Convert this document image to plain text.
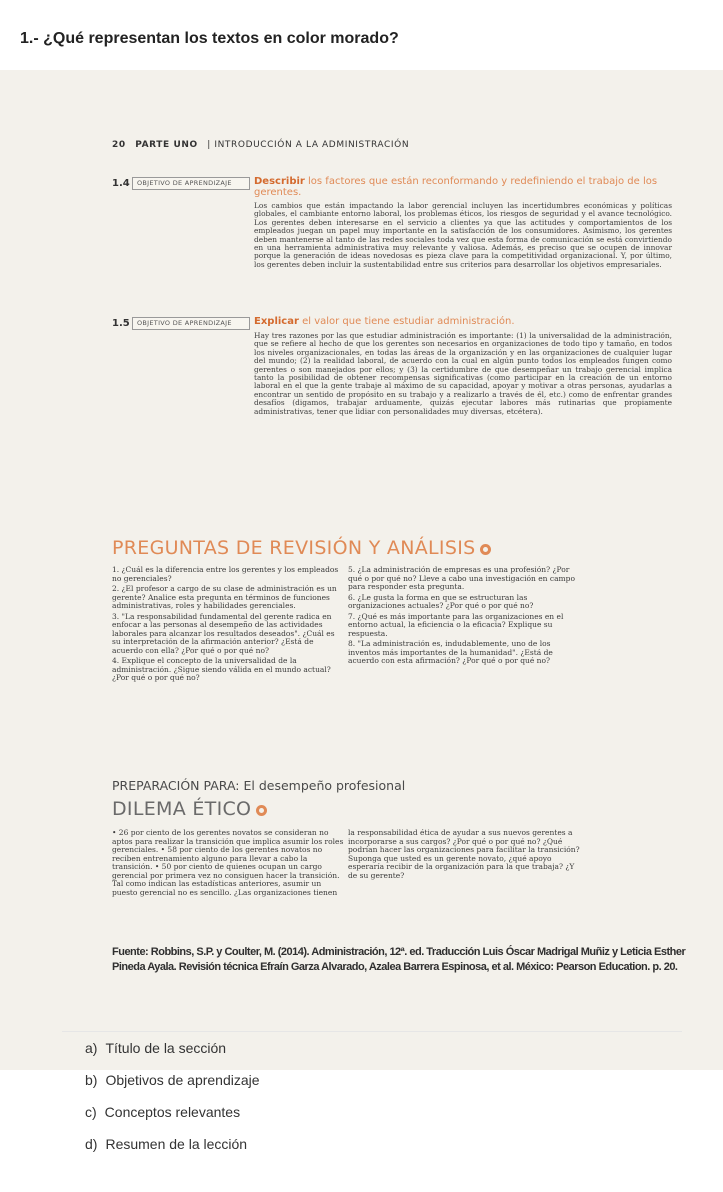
1.- ¿Qué representan los textos en color morado?
20 PARTE UNO | INTRODUCCIÓN A LA ADMINISTRACIÓN
1.4	OBJETIVO DE APRENDIZAJE	Describir los factores que están reconformando y redefiniendo el trabajo de los gerentes.
Los cambios que están impactando la labor gerencial incluyen las incertidumbres económicas y políticas globales, el cambiante entorno laboral, los problemas éticos, los riesgos de seguridad y el avance tecnológico. Los gerentes deben interesarse en el servicio a clientes ya que las actitudes y comportamientos de los empleados juegan un papel muy importante en la satisfacción de los consumidores. Asimismo, los gerentes deben mantenerse al tanto de las redes sociales toda vez que esta forma de comunicación se está convirtiendo en una herramienta administrativa muy relevante y valiosa. Además, es preciso que se ocupen de innovar porque la generación de ideas novedosas es pieza clave para la competitividad organizacional. Y, por último, los gerentes deben incluir la sustentabilidad entre sus criterios para desarrollar los objetivos empresariales.
1.5	OBJETIVO DE APRENDIZAJE	Explicar el valor que tiene estudiar administración.
Hay tres razones por las que estudiar administración es importante: (1) la universalidad de la administración, que se refiere al hecho de que los gerentes son necesarios en organizaciones de todo tipo y tamaño, en todos los niveles organizacionales, en todas las áreas de la organización y en las organizaciones de cualquier lugar del mundo; (2) la realidad laboral, de acuerdo con la cual en algún punto todos los empleados fungen como gerentes o son manejados por ellos; y (3) la certidumbre de que desempeñar un trabajo gerencial implica tanto la posibilidad de obtener recompensas significativas (como participar en la creación de un entorno laboral en el que la gente trabaje al máximo de su capacidad, apoyar y motivar a otras personas, ayudarlas a encontrar un sentido de propósito en su trabajo y a realizarlo a través de él, etc.) como de enfrentar grandes desafíos (digamos, trabajar arduamente, quizás ejecutar labores más rutinarias que propiamente administrativas, tener que lidiar con personalidades muy diversas, etcétera).
PREGUNTAS DE REVISIÓN Y ANÁLISIS
1. ¿Cuál es la diferencia entre los gerentes y los empleados no gerenciales?
2. ¿El profesor a cargo de su clase de administración es un gerente? Analice esta pregunta en términos de funciones administrativas, roles y habilidades gerenciales.
3. "La responsabilidad fundamental del gerente radica en enfocar a las personas al desempeño de las actividades laborales para alcanzar los resultados deseados". ¿Cuál es su interpretación de la afirmación anterior? ¿Está de acuerdo con ella? ¿Por qué o por qué no?
4. Explique el concepto de la universalidad de la administración. ¿Sigue siendo válida en el mundo actual? ¿Por qué o por qué no?
5. ¿La administración de empresas es una profesión? ¿Por qué o por qué no? Lleve a cabo una investigación en campo para responder esta pregunta.
6. ¿Le gusta la forma en que se estructuran las organizaciones actuales? ¿Por qué o por qué no?
7. ¿Qué es más importante para las organizaciones en el entorno actual, la eficiencia o la eficacia? Explique su respuesta.
8. "La administración es, indudablemente, uno de los inventos más importantes de la humanidad". ¿Está de acuerdo con esta afirmación? ¿Por qué o por qué no?
PREPARACIÓN PARA: El desempeño profesional
DILEMA ÉTICO
• 26 por ciento de los gerentes novatos se consideran no aptos para realizar la transición que implica asumir los roles gerenciales. • 58 por ciento de los gerentes novatos no reciben entrenamiento alguno para llevar a cabo la transición. • 50 por ciento de quienes ocupan un cargo gerencial por primera vez no consiguen hacer la transición. Tal como indican las estadísticas anteriores, asumir un puesto gerencial no es sencillo. ¿Las organizaciones tienen
la responsabilidad ética de ayudar a sus nuevos gerentes a incorporarse a sus cargos? ¿Por qué o por qué no? ¿Qué podrían hacer las organizaciones para facilitar la transición? Suponga que usted es un gerente novato, ¿qué apoyo esperaría recibir de la organización para la que trabaja? ¿Y de su gerente?
Fuente: Robbins, S.P. y Coulter, M. (2014). Administración, 12ª. ed. Traducción Luis Óscar Madrigal Muñiz y Leticia Esther Pineda Ayala. Revisión técnica Efraín Garza Alvarado, Azalea Barrera Espinosa, et al. México: Pearson Education. p. 20.
a) Título de la sección
b) Objetivos de aprendizaje
c) Conceptos relevantes
d) Resumen de la lección
